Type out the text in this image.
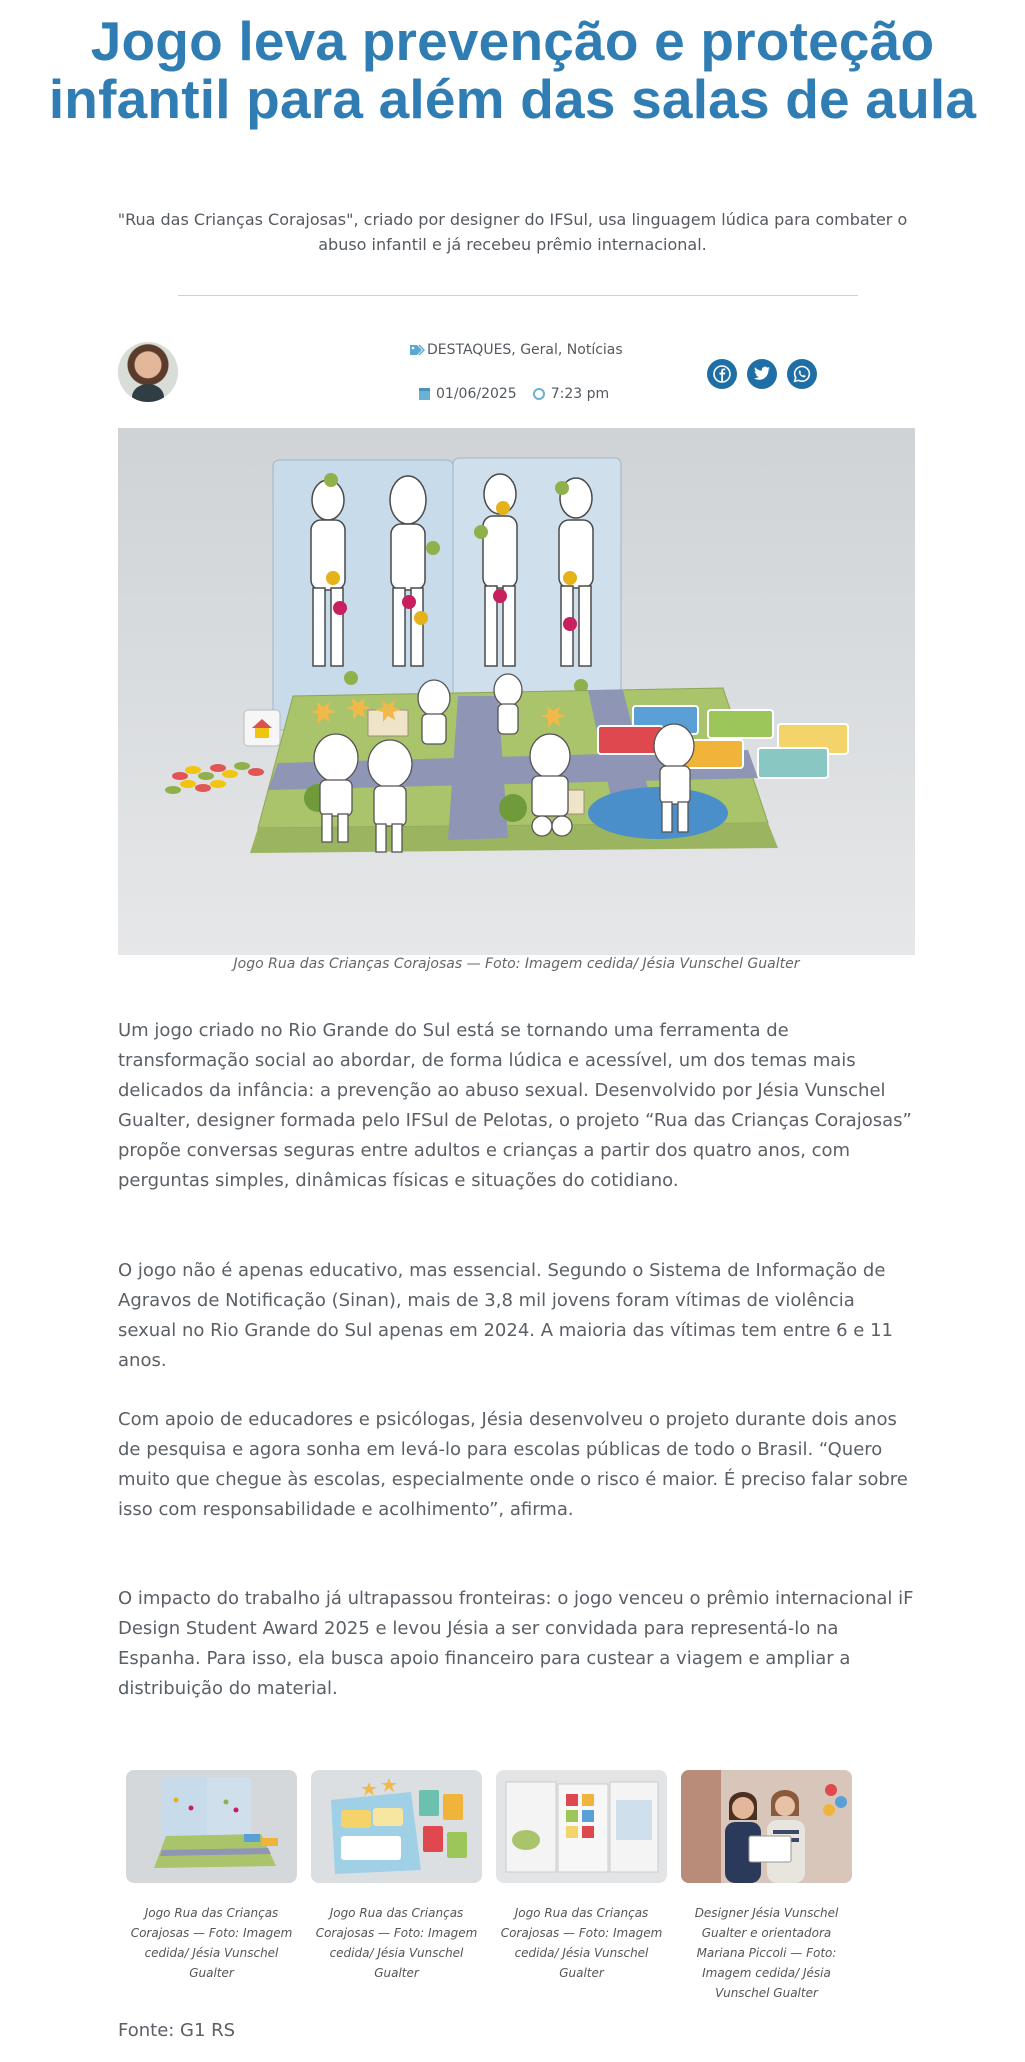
Jogo leva prevenção e proteção infantil para além das salas de aula

"Rua das Crianças Corajosas", criado por designer do IFSul, usa linguagem lúdica para combater o abuso infantil e já recebeu prêmio internacional.

DESTAQUES, Geral, Notícias
01/06/2025 7:23 pm
Jogo Rua das Crianças Corajosas — Foto: Imagem cedida/ Jésia Vunschel Gualter

Um jogo criado no Rio Grande do Sul está se tornando uma ferramenta de transformação social ao abordar, de forma lúdica e acessível, um dos temas mais delicados da infância: a prevenção ao abuso sexual. Desenvolvido por Jésia Vunschel Gualter, designer formada pelo IFSul de Pelotas, o projeto “Rua das Crianças Corajosas” propõe conversas seguras entre adultos e crianças a partir dos quatro anos, com perguntas simples, dinâmicas físicas e situações do cotidiano.

O jogo não é apenas educativo, mas essencial. Segundo o Sistema de Informação de Agravos de Notificação (Sinan), mais de 3,8 mil jovens foram vítimas de violência sexual no Rio Grande do Sul apenas em 2024. A maioria das vítimas tem entre 6 e 11 anos.

Com apoio de educadores e psicólogas, Jésia desenvolveu o projeto durante dois anos de pesquisa e agora sonha em levá-lo para escolas públicas de todo o Brasil. “Quero muito que chegue às escolas, especialmente onde o risco é maior. É preciso falar sobre isso com responsabilidade e acolhimento”, afirma.

O impacto do trabalho já ultrapassou fronteiras: o jogo venceu o prêmio internacional iF Design Student Award 2025 e levou Jésia a ser convidada para representá-lo na Espanha. Para isso, ela busca apoio financeiro para custear a viagem e ampliar a distribuição do material.

Jogo Rua das Crianças Corajosas — Foto: Imagem cedida/ Jésia Vunschel Gualter
Jogo Rua das Crianças Corajosas — Foto: Imagem cedida/ Jésia Vunschel Gualter
Jogo Rua das Crianças Corajosas — Foto: Imagem cedida/ Jésia Vunschel Gualter
Designer Jésia Vunschel Gualter e orientadora Mariana Piccoli — Foto: Imagem cedida/ Jésia Vunschel Gualter
Fonte: G1 RS
